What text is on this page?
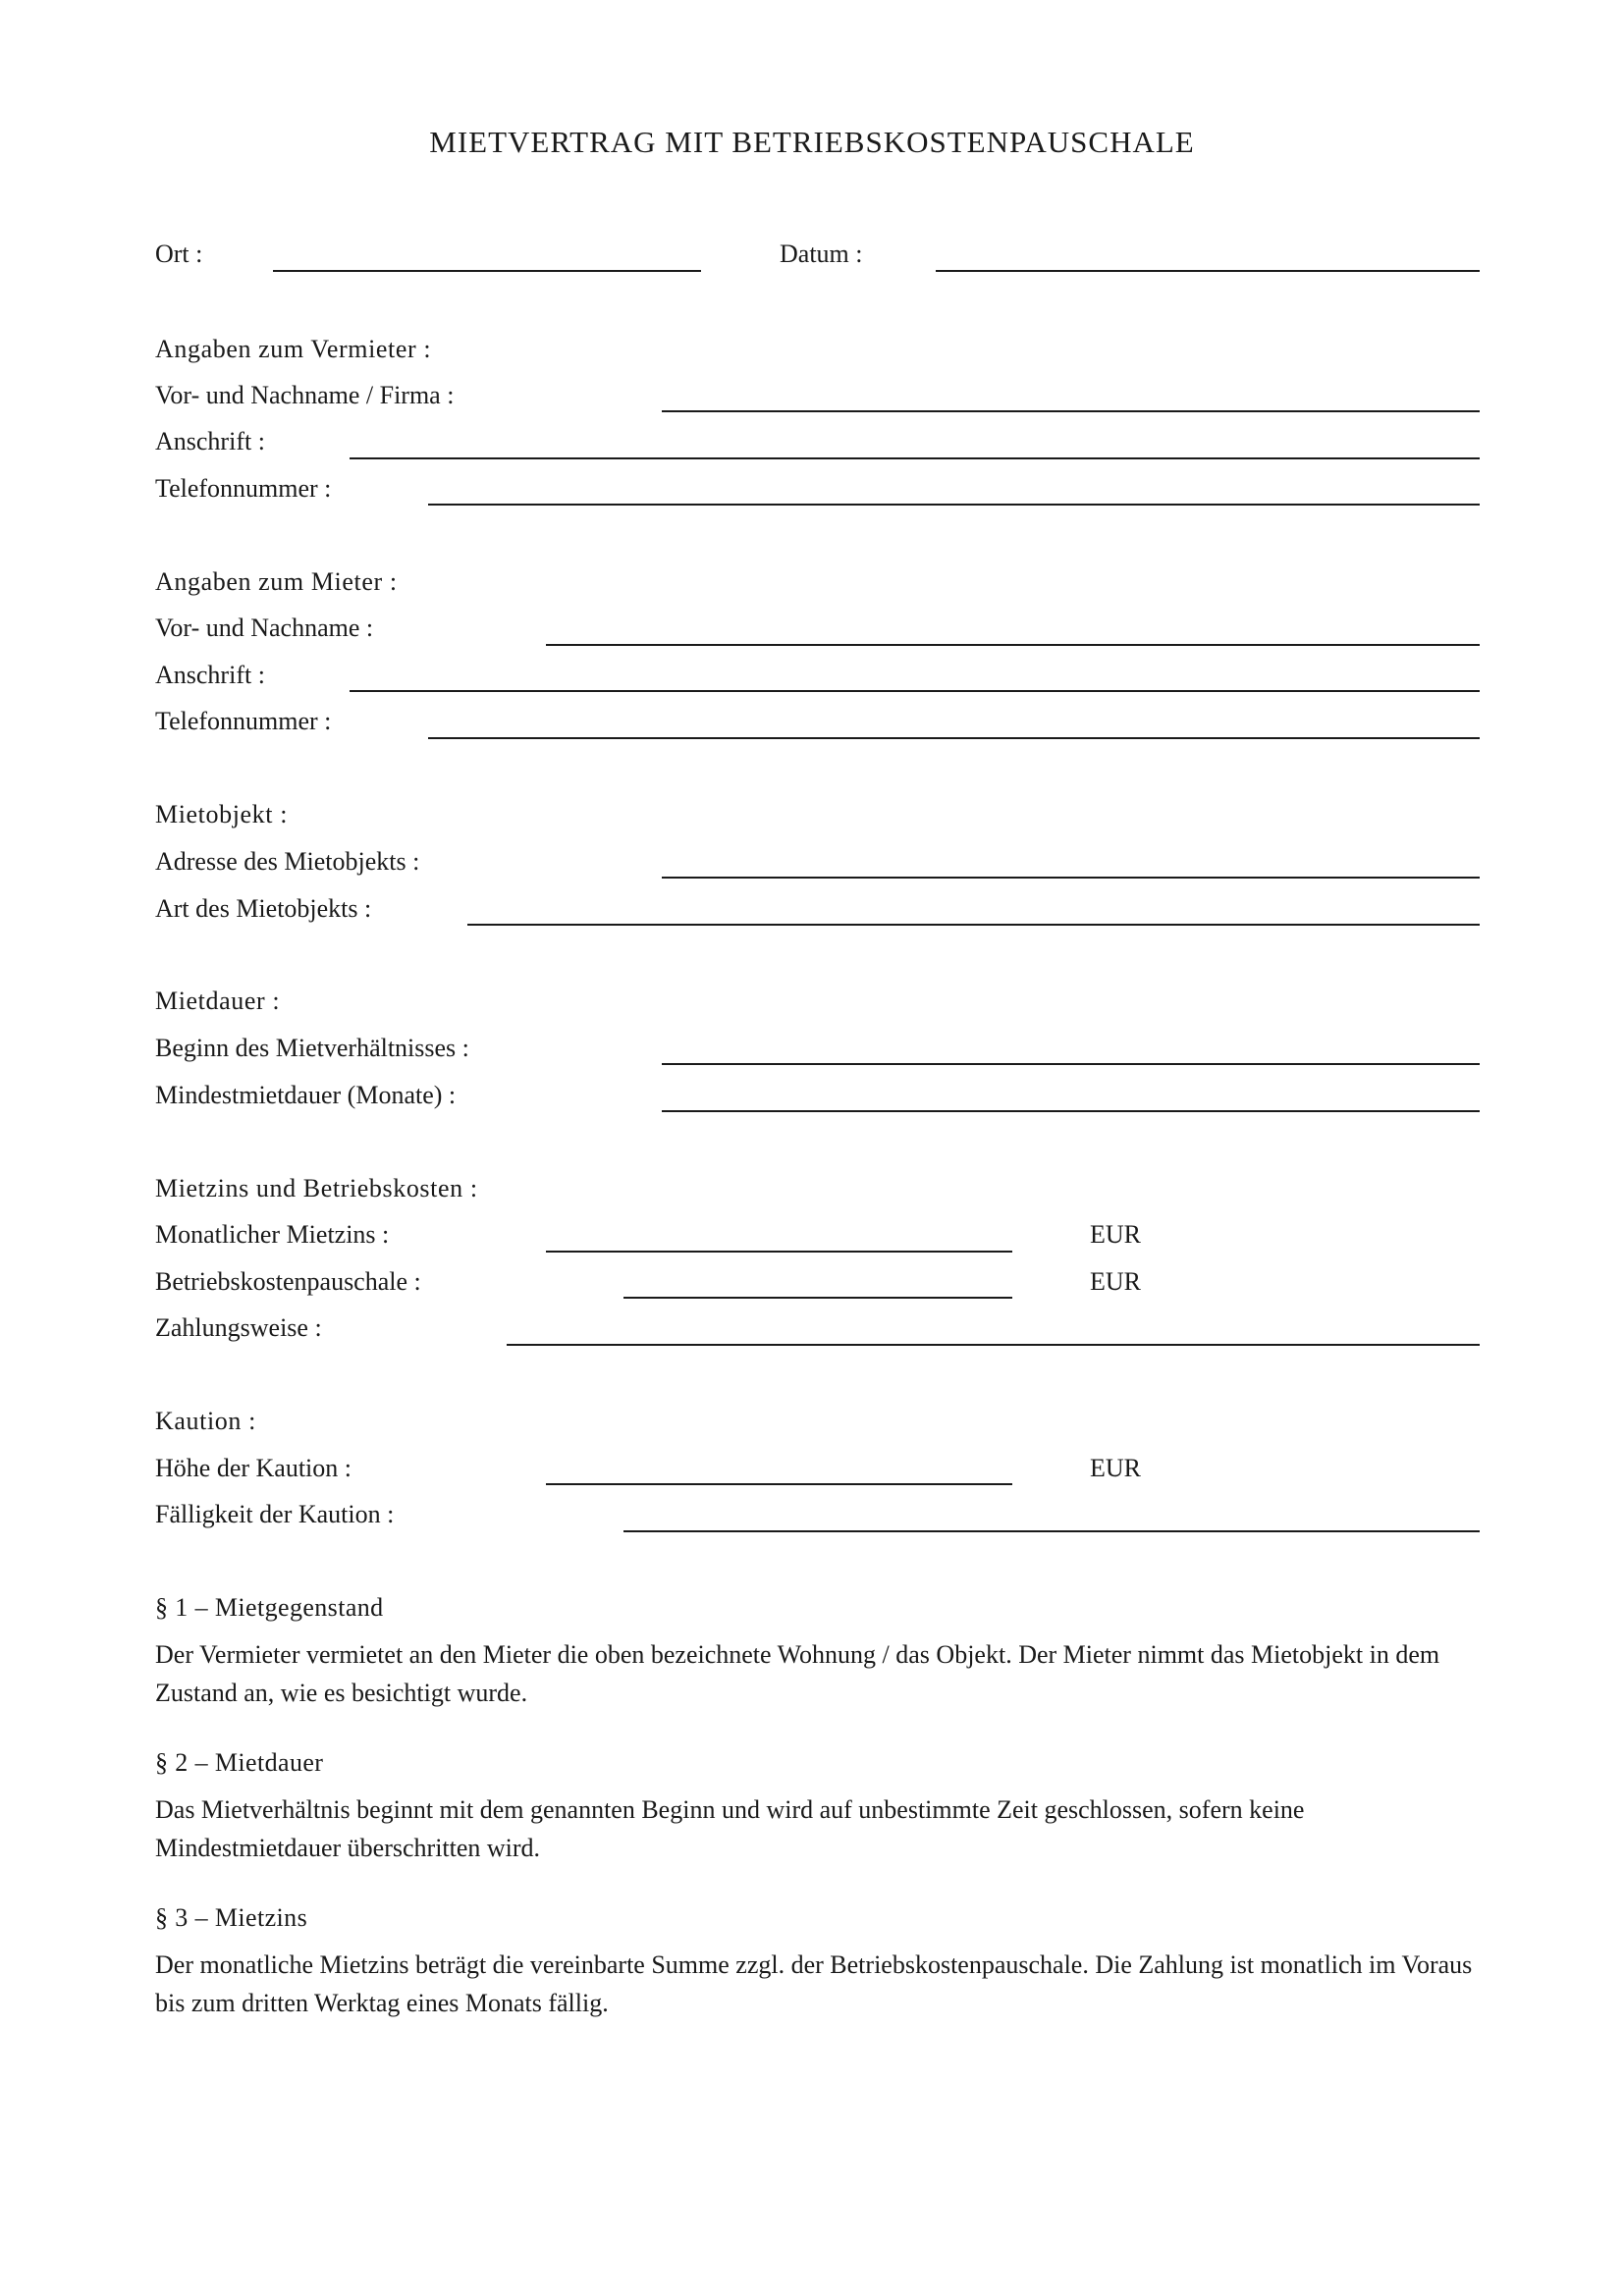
MIETVERTRAG MIT BETRIEBSKOSTENPAUSCHALE
Ort :	Datum :
Angaben zum Vermieter :
Vor- und Nachname / Firma :
Anschrift :
Telefonnummer :
Angaben zum Mieter :
Vor- und Nachname :
Anschrift :
Telefonnummer :
Mietobjekt :
Adresse des Mietobjekts :
Art des Mietobjekts :
Mietdauer :
Beginn des Mietverhältnisses :
Mindestmietdauer (Monate) :
Mietzins und Betriebskosten :
Monatlicher Mietzins :	EUR
Betriebskostenpauschale :	EUR
Zahlungsweise :
Kaution :
Höhe der Kaution :	EUR
Fälligkeit der Kaution :
§ 1 – Mietgegenstand
Der Vermieter vermietet an den Mieter die oben bezeichnete Wohnung / das Objekt. Der Mieter nimmt das Mietobjekt in dem Zustand an, wie es besichtigt wurde.
§ 2 – Mietdauer
Das Mietverhältnis beginnt mit dem genannten Beginn und wird auf unbestimmte Zeit geschlossen, sofern keine Mindestmietdauer überschritten wird.
§ 3 – Mietzins
Der monatliche Mietzins beträgt die vereinbarte Summe zzgl. der Betriebskostenpauschale. Die Zahlung ist monatlich im Voraus bis zum dritten Werktag eines Monats fällig.
